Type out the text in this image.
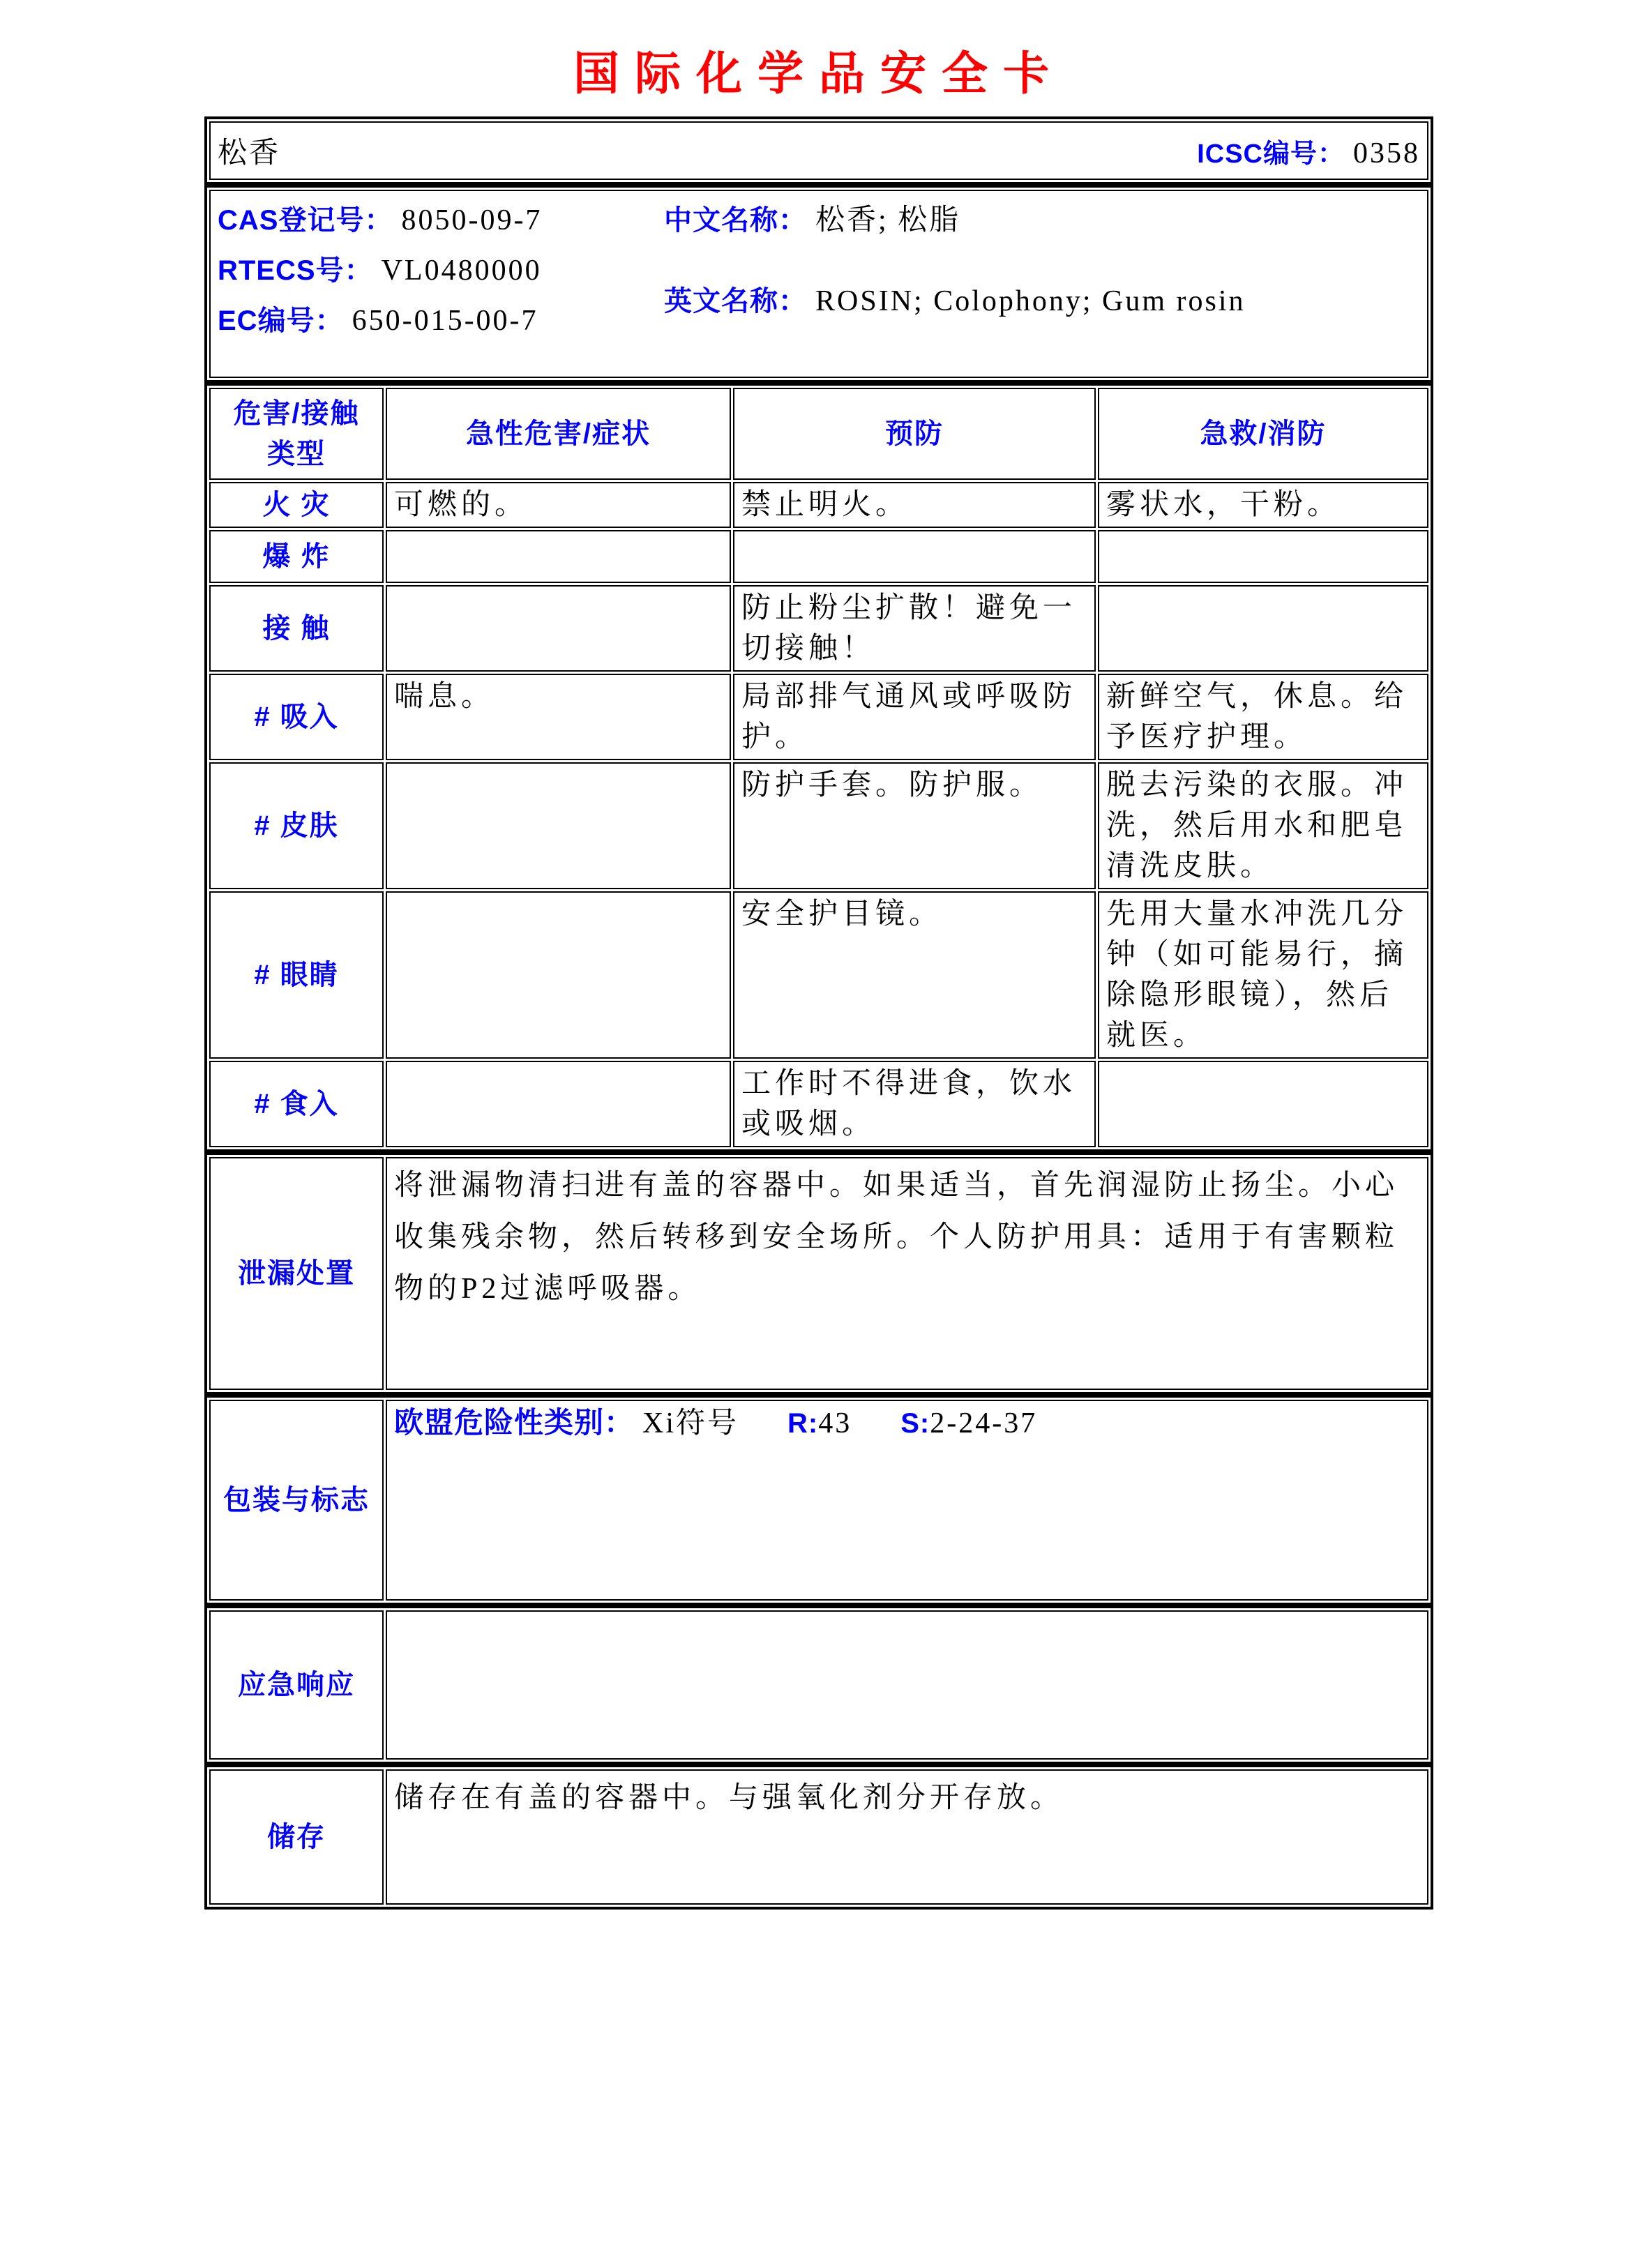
国际化学品安全卡
松香	ICSC编号： 0358
CAS登记号： 8050-09-7
RTECS号： VL0480000
EC编号： 650-015-00-7
中文名称： 松香; 松脂
英文名称： ROSIN; Colophony; Gum rosin
危害/接触
类型	急性危害/症状	预防	急救/消防
火 灾	可燃的。	禁止明火。	雾状水，干粉。
爆 炸			
接 触		防止粉尘扩散！避免一切接触！	
# 吸入	喘息。	局部排气通风或呼吸防护。	新鲜空气，休息。给予医疗护理。
# 皮肤		防护手套。防护服。	脱去污染的衣服。冲洗，然后用水和肥皂清洗皮肤。
# 眼睛		安全护目镜。	先用大量水冲洗几分钟（如可能易行，摘除隐形眼镜），然后就医。
# 食入		工作时不得进食，饮水或吸烟。	
泄漏处置	将泄漏物清扫进有盖的容器中。如果适当，首先润湿防止扬尘。小心收集残余物，然后转移到安全场所。个人防护用具：适用于有害颗粒物的P2过滤呼吸器。
包装与标志	欧盟危险性类别： Xi符号 R:43 S:2-24-37
应急响应	
储存	储存在有盖的容器中。与强氧化剂分开存放。
